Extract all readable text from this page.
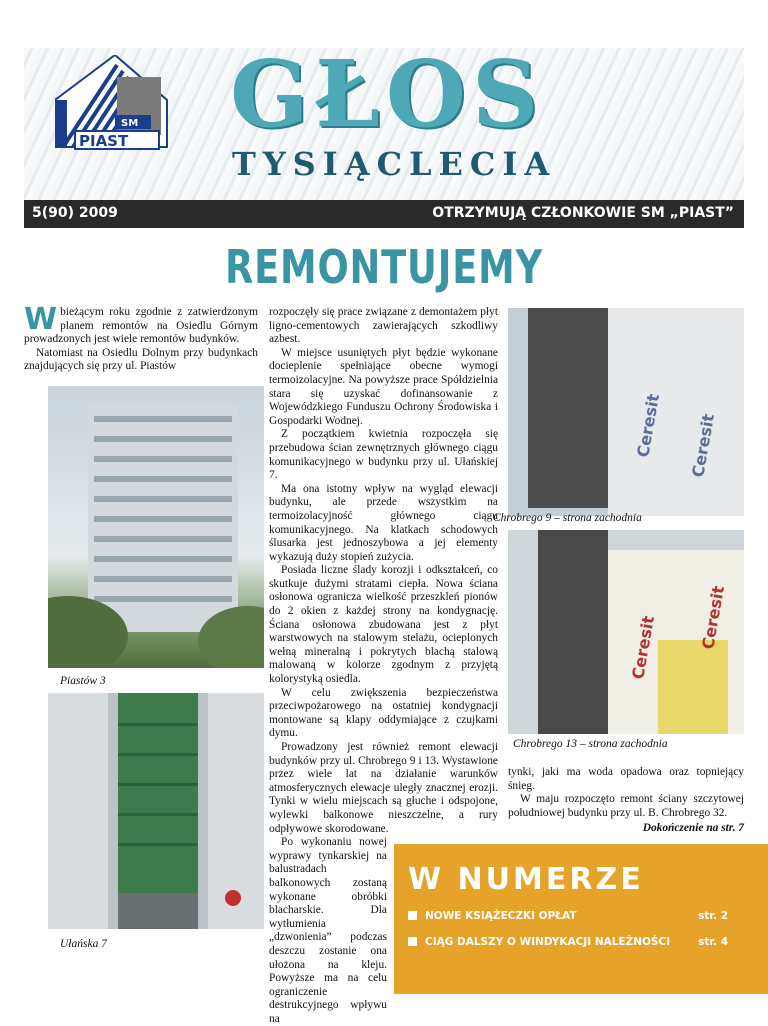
SM
PIAST GŁOS
TYSIĄCLECIA
5(90) 2009	OTRZYMUJĄ CZŁONKOWIE SM „PIAST”
REMONTUJEMY

Wbieżącym roku zgodnie z zatwierdzonym planem remontów na Osiedlu Górnym prowadzonych jest wiele remontów budynków.

Natomiast na Osiedlu Dolnym przy budynkach znajdujących się przy ul. Piastów

Piastów 3
Ułańska 7

rozpoczęły się prace związane z demontażem płyt ligno-cementowych zawierających szkodliwy azbest.

W miejsce usuniętych płyt będzie wykonane docieplenie spełniające obecne wymogi termoizolacyjne. Na powyższe prace Spółdzielnia stara się uzyskać dofinansowanie z Wojewódzkiego Funduszu Ochrony Środowiska i Gospodarki Wodnej.

Z początkiem kwietnia rozpoczęła się przebudowa ścian zewnętrznych głównego ciągu komunikacyjnego w budynku przy ul. Ułańskiej 7.

Ma ona istotny wpływ na wygląd elewacji budynku, ale przede wszystkim na termoizolacyjność głównego ciągu komunikacyjnego. Na klatkach schodowych ślusarka jest jednoszybowa a jej elementy wykazują duży stopień zużycia.

Posiada liczne ślady korozji i odkształceń, co skutkuje dużymi stratami ciepła. Nowa ściana osłonowa ogranicza wielkość przeszkleń pionów do 2 okien z każdej strony na kondygnację. Ściana osłonowa zbudowana jest z płyt warstwowych na stalowym stelażu, ocieplonych wełną mineralną i pokrytych blachą stalową malowaną w kolorze zgodnym z przyjętą kolorystyką osiedla.

W celu zwiększenia bezpieczeństwa przeciwpożarowego na ostatniej kondygnacji montowane są klapy oddymiające z czujkami dymu.

Prowadzony jest również remont elewacji budynków przy ul. Chrobrego 9 i 13. Wystawione przez wiele lat na działanie warunków atmosferycznych elewacje uległy znacznej erozji. Tynki w wielu miejscach są głuche i odspojone, wylewki balkonowe nieszczelne, a rury odpływowe skorodowane.

Po wykonaniu nowej wyprawy tynkarskiej na balustradach balkonowych zostaną wykonane obróbki blacharskie. Dla wytłumienia „dzwonienia” podczas deszczu zostanie ona ułożona na kleju. Powyższe ma na celu ograniczenie destrukcyjnego wpływu na

Ceresit Ceresit
Chrobrego 9 – strona zachodnia
Ceresit	Ceresit
Chrobrego 13 – strona zachodnia

tynki, jaki ma woda opadowa oraz topniejący śnieg.

W maju rozpoczęto remont ściany szczytowej południowej budynku przy ul. B. Chrobrego 32.

Dokończenie na str. 7

W NUMERZE
NOWE KSIĄŻECZKI OPŁAT	str. 2
CIĄG DALSZY O WINDYKACJI NALEŻNOŚCI	str. 4
